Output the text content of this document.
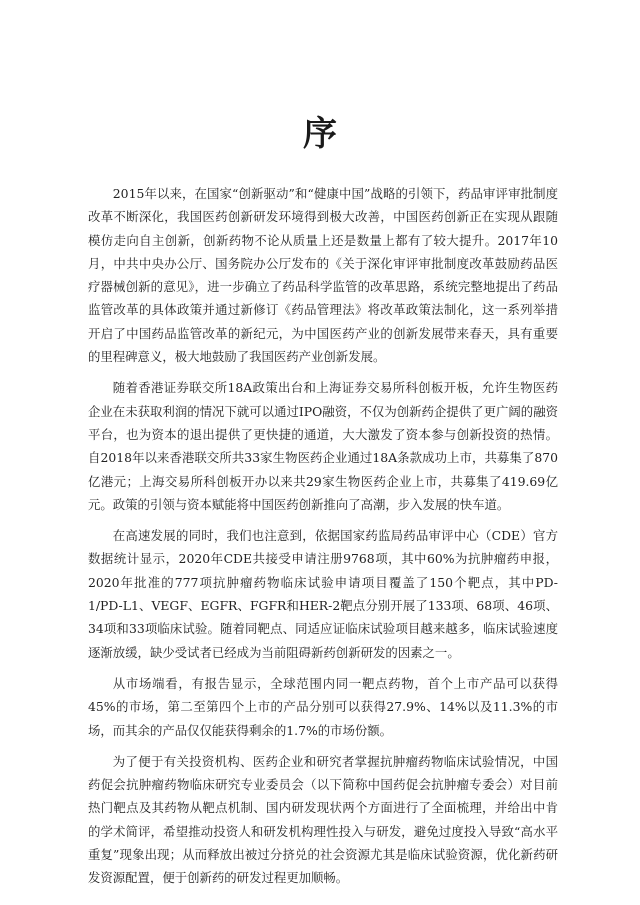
序

2015年以来，在国家“创新驱动”和“健康中国”战略的引领下，药品审评审批制度改革不断深化，我国医药创新研发环境得到极大改善，中国医药创新正在实现从跟随模仿走向自主创新，创新药物不论从质量上还是数量上都有了较大提升。2017年10月，中共中央办公厅、国务院办公厅发布的《关于深化审评审批制度改革鼓励药品医疗器械创新的意见》，进一步确立了药品科学监管的改革思路，系统完整地提出了药品监管改革的具体政策并通过新修订《药品管理法》将改革政策法制化，这一系列举措开启了中国药品监管改革的新纪元，为中国医药产业的创新发展带来春天，具有重要的里程碑意义，极大地鼓励了我国医药产业创新发展。

随着香港证券联交所18A政策出台和上海证券交易所科创板开板，允许生物医药企业在未获取利润的情况下就可以通过IPO融资，不仅为创新药企提供了更广阔的融资平台，也为资本的退出提供了更快捷的通道，大大激发了资本参与创新投资的热情。自2018年以来香港联交所共33家生物医药企业通过18A条款成功上市，共募集了870亿港元；上海交易所科创板开办以来共29家生物医药企业上市，共募集了419.69亿元。政策的引领与资本赋能将中国医药创新推向了高潮，步入发展的快车道。

在高速发展的同时，我们也注意到，依据国家药监局药品审评中心（CDE）官方数据统计显示，2020年CDE共接受申请注册9768项，其中60%为抗肿瘤药申报，2020年批准的777项抗肿瘤药物临床试验申请项目覆盖了150个靶点，其中PD-1/PD-L1、VEGF、EGFR、FGFR和HER-2靶点分别开展了133项、68项、46项、34项和33项临床试验。随着同靶点、同适应证临床试验项目越来越多，临床试验速度逐渐放缓，缺少受试者已经成为当前阻碍新药创新研发的因素之一。

从市场端看，有报告显示，全球范围内同一靶点药物，首个上市产品可以获得45%的市场，第二至第四个上市的产品分别可以获得27.9%、14%以及11.3%的市场，而其余的产品仅仅能获得剩余的1.7%的市场份额。

为了便于有关投资机构、医药企业和研究者掌握抗肿瘤药物临床试验情况，中国药促会抗肿瘤药物临床研究专业委员会（以下简称中国药促会抗肿瘤专委会）对目前热门靶点及其药物从靶点机制、国内研发现状两个方面进行了全面梳理，并给出中肯的学术简评，希望推动投资人和研发机构理性投入与研发，避免过度投入导致“高水平重复”现象出现；从而释放出被过分挤兑的社会资源尤其是临床试验资源，优化新药研发资源配置，便于创新药的研发过程更加顺畅。
